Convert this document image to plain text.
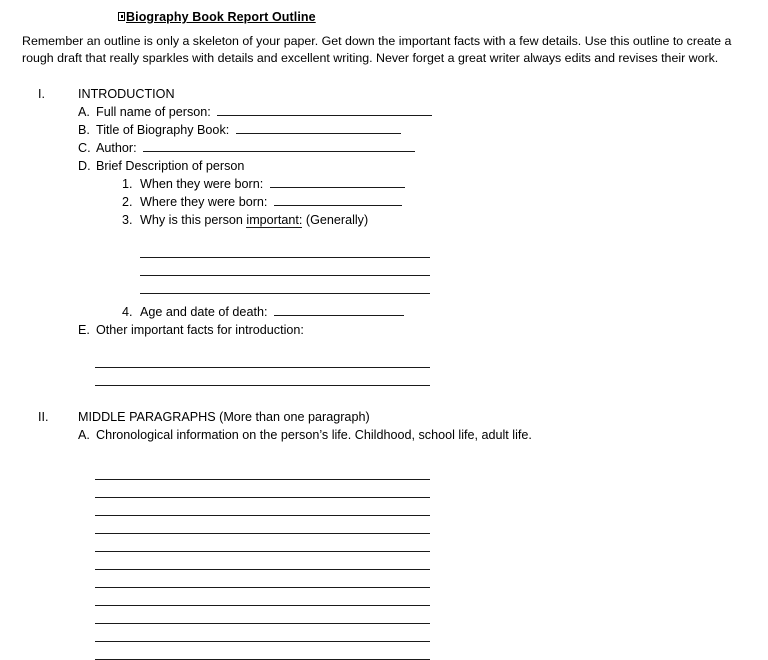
Biography Book Report Outline
Remember an outline is only a skeleton of your paper. Get down the important facts with a few details. Use this outline to create a rough draft that really sparkles with details and excellent writing. Never forget a great writer always edits and revises their work.
I.	INTRODUCTION
A. Full name of person:
B. Title of Biography Book:
C. Author:
D. Brief Description of person
1. When they were born:
2. Where they were born:
3. Why is this person important: (Generally)
4. Age and date of death:
E. Other important facts for introduction:
II.	MIDDLE PARAGRAPHS (More than one paragraph)
A. Chronological information on the person’s life. Childhood, school life, adult life.
